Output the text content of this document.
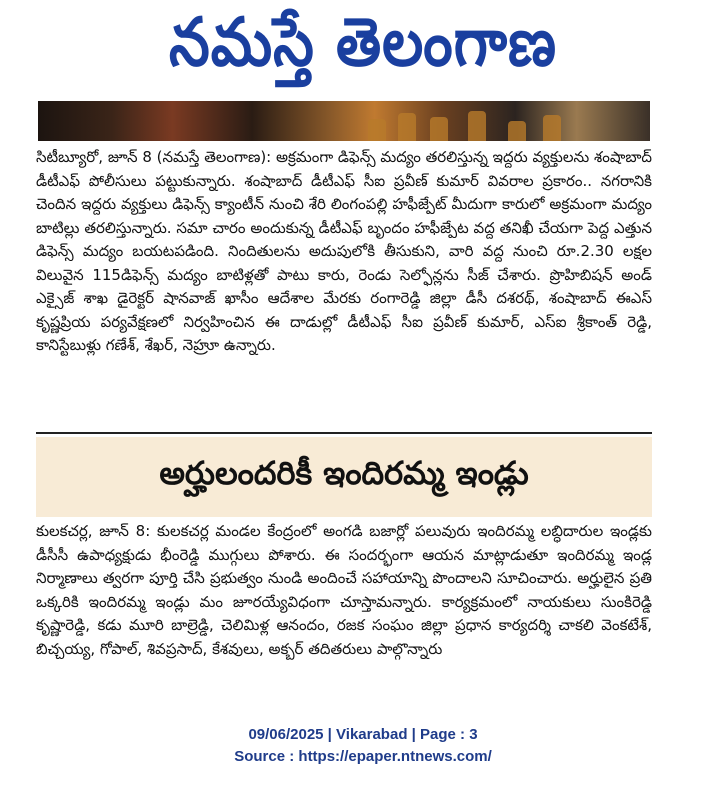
నమస్తే తెలంగాణ
సిటీబ్యూరో, జూన్ 8 (నమస్తే తెలంగాణ): అక్రమంగా డిఫెన్స్ మద్యం తరలిస్తున్న ఇద్దరు వ్యక్తులను శంషాబాద్ డీటీఎఫ్ పోలీసులు పట్టుకున్నారు. శంషాబాద్ డీటీఎఫ్ సీఐ ప్రవీణ్ కుమార్ వివరాల ప్రకారం.. నగరానికి చెందిన ఇద్దరు వ్యక్తులు డిఫెన్స్ క్యాంటీన్ నుంచి శేరి లింగంపల్లి హఫీజ్పేట్ మీదుగా కారులో అక్రమంగా మద్యం బాటిల్లు తరలిస్తున్నారు. సమా చారం అందుకున్న డీటీఎఫ్ బృందం హఫీజ్పేట వద్ద తనిఖీ చేయగా పెద్ద ఎత్తున డిఫెన్స్ మద్యం బయటపడింది. నిందితులను అదుపులోకి తీసుకుని, వారి వద్ద నుంచి రూ.2.30 లక్షల విలువైన 115డిఫెన్స్ మద్యం బాటిళ్లతో పాటు కారు, రెండు సెల్ఫోన్లను సీజ్ చేశారు. ప్రొహిబిషన్ అండ్ ఎక్సైజ్ శాఖ డైరెక్టర్ షానవాజ్ ఖాసీం ఆదేశాల మేరకు రంగారెడ్డి జిల్లా డీసీ దశరథ్, శంషాబాద్ ఈఎస్ కృష్ణప్రియ పర్యవేక్షణలో నిర్వహించిన ఈ దాడుల్లో డీటీఎఫ్ సీఐ ప్రవీణ్ కుమార్, ఎస్ఐ శ్రీకాంత్ రెడ్డి, కానిస్టేబుళ్లు గణేశ్, శేఖర్, నెహ్రూ ఉన్నారు.
అర్హులందరికీ ఇందిరమ్మ ఇండ్లు
కులకచర్ల, జూన్ 8: కులకచర్ల మండల కేంద్రంలో అంగడి బజార్లో పలువురు ఇందిరమ్మ లబ్ధిదారుల ఇండ్లకు డీసీసీ ఉపాధ్యక్షుడు భీంరెడ్డి ముగ్గులు పోశారు. ఈ సందర్భంగా ఆయన మాట్లాడుతూ ఇందిరమ్మ ఇండ్ల నిర్మాణాలు త్వరగా పూర్తి చేసి ప్రభుత్వం నుండి అందించే సహాయాన్ని పొందాలని సూచించారు. అర్హులైన ప్రతి ఒక్కరికి ఇందిరమ్మ ఇండ్లు మం జూరయ్యేవిధంగా చూస్తామన్నారు. కార్యక్రమంలో నాయకులు సుంకిరెడ్డి కృష్ణారెడ్డి, కడు మూరి బాల్రెడ్డి, చెలిమిళ్ల ఆనందం, రజక సంఘం జిల్లా ప్రధాన కార్యదర్శి చాకలి వెంకటేశ్, బిచ్చయ్య, గోపాల్, శివప్రసాద్, కేశవులు, అక్బర్ తదితరులు పాల్గొన్నారు
09/06/2025 | Vikarabad | Page : 3
Source : https://epaper.ntnews.com/
